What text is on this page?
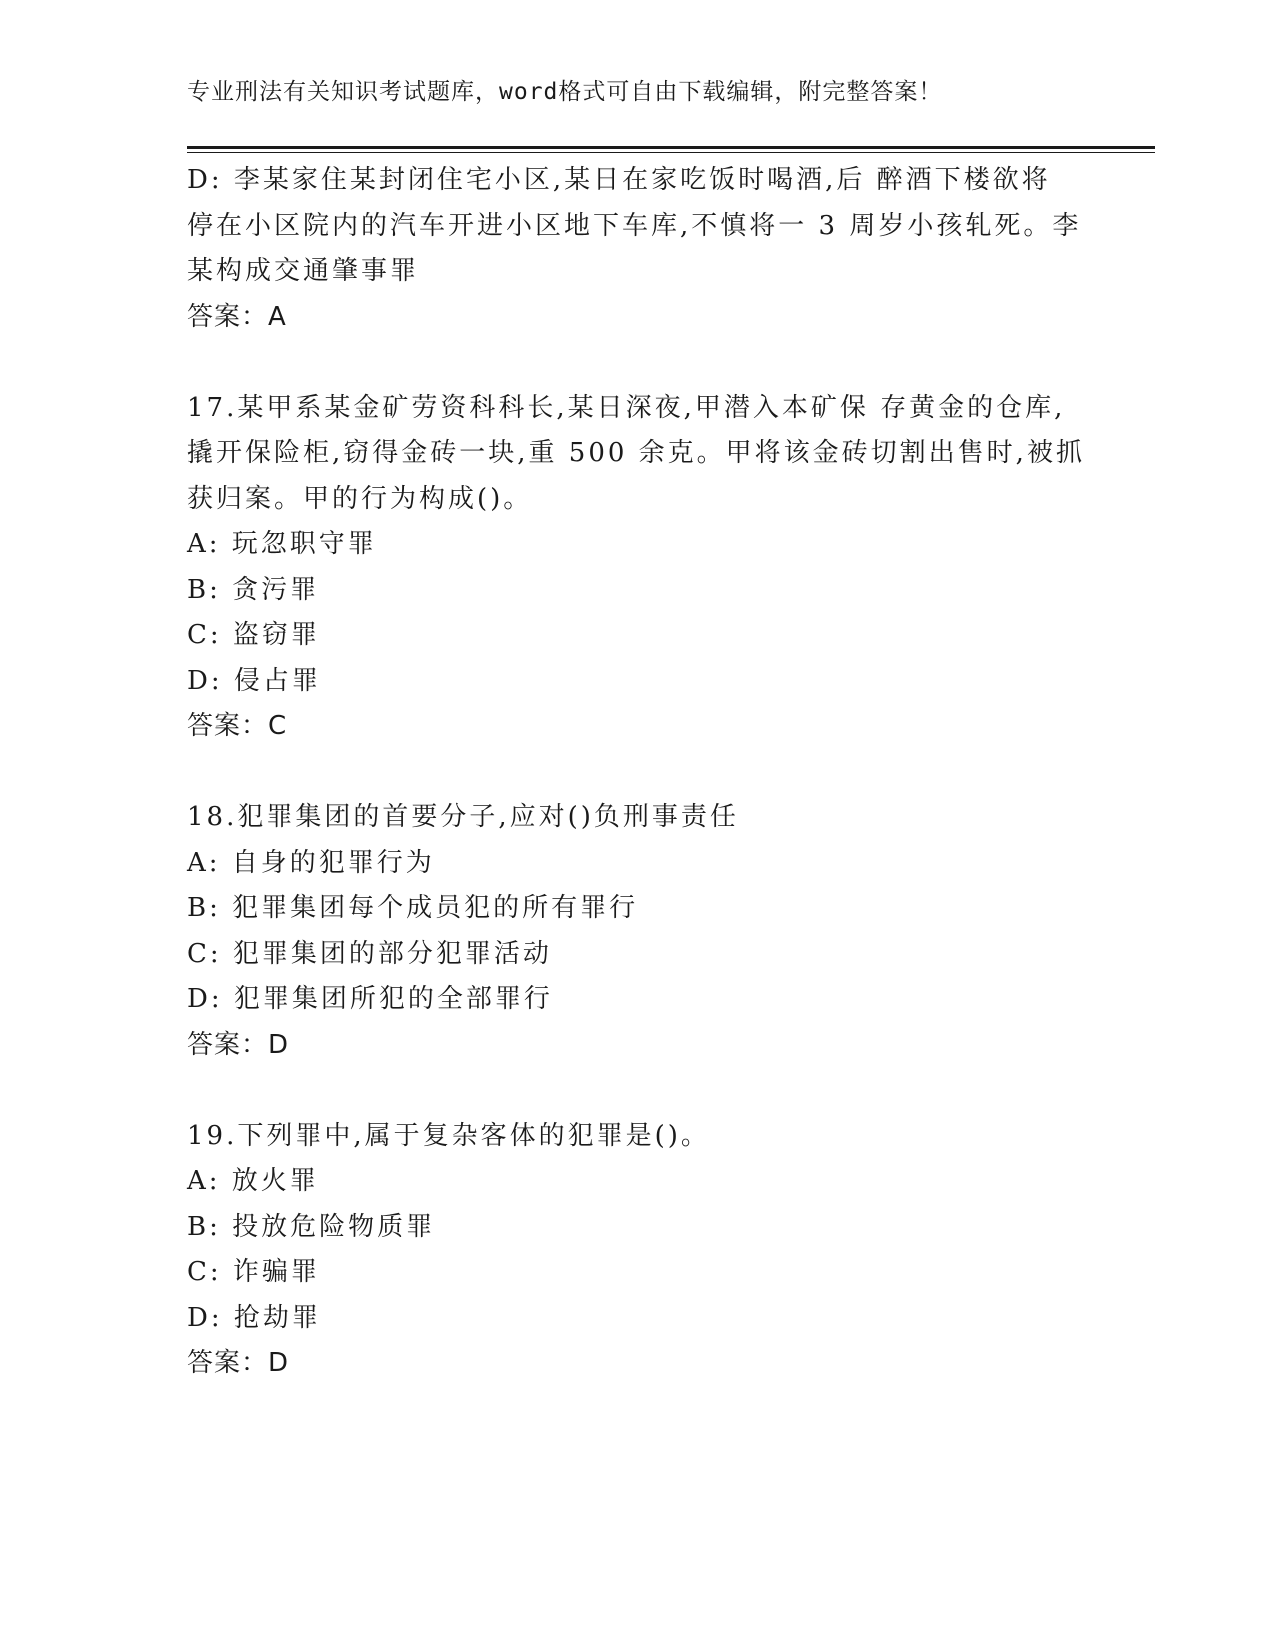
专业刑法有关知识考试题库，word格式可自由下载编辑，附完整答案！
D: 李某家住某封闭住宅小区,某日在家吃饭时喝酒,后 醉酒下楼欲将
停在小区院内的汽车开进小区地下车库,不慎将一 3 周岁小孩轧死。李
某构成交通肇事罪
答案：A
17.某甲系某金矿劳资科科长,某日深夜,甲潜入本矿保 存黄金的仓库,
撬开保险柜,窃得金砖一块,重 500 余克。甲将该金砖切割出售时,被抓
获归案。甲的行为构成()。
A: 玩忽职守罪
B: 贪污罪
C: 盗窃罪
D: 侵占罪
答案：C
18.犯罪集团的首要分子,应对()负刑事责任
A: 自身的犯罪行为
B: 犯罪集团每个成员犯的所有罪行
C: 犯罪集团的部分犯罪活动
D: 犯罪集团所犯的全部罪行
答案：D
19.下列罪中,属于复杂客体的犯罪是()。
A: 放火罪
B: 投放危险物质罪
C: 诈骗罪
D: 抢劫罪
答案：D
